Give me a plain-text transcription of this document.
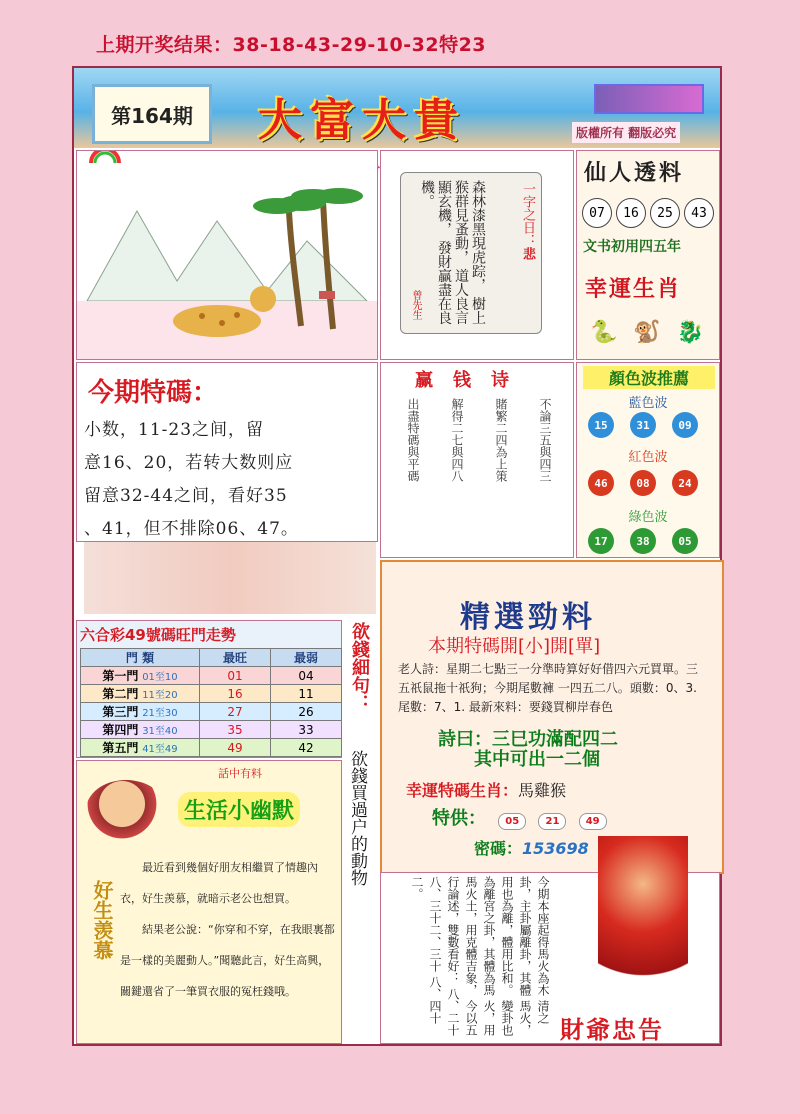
上期开奖结果：38-18-43-29-10-32特23
第164期	大富大貴	版權所有 翻版必究
森林漆黑現虎踪， 樹上猴群見蚤動， 道人良言顯玄機， 發財贏盡在良機。	一字之日：悲
曾先生
仙人透料
07	16	25	43
文书初用四五年
幸運生肖
🐍🐒🐉
今期特碼：
小数，11-23之间，留
意16、20，若转大数则应
留意32-44之间，看好35
、41，但不排除06、47。
赢钱诗
不論三五與四三
賭繁二四為上策
解得二七與四八
出盡特碼與平碼
顏色波推薦
藍色波
15	31	09
紅色波
46	08	24
綠色波
17	38	05
六合彩49號碼旺門走勢
門 類	最旺	最弱
第一門 01至10	01	04
第二門 11至20	16	11
第三門 21至30	27	26
第四門 31至40	35	33
第五門 41至49	49	42
欲錢細句：
欲錢買過户的動物
話中有料
生活小幽默
最近看到幾個好朋友相繼買了情趣內衣，好生羡慕，就暗示老公也想買。
結果老公說：“你穿和不穿，在我眼裏都是一樣的美麗動人。”聞聽此言，好生高興，關鍵還省了一筆買衣服的冤枉錢哦。
好生羡慕
精選勁料
本期特碼開[小]開[單]
老人詩：星期二七點三一分準時算好好借四六元買單。三五祇鼠拖十祇狗；今期尾數褲 一四五二八。頭數：0、3. 尾數：7、1. 最新來料：要錢買柳岸春色
詩曰：三巳功滿配四二
其中可出一二個
幸運特碼生肖：馬雞猴
特供： 05	21	49
密碼：153698
今期本座起得馬火為木 清之卦，主卦屬離卦，其體 馬火，用也為離，體用比和。 變卦也為離宮之卦，其體為馬 火，用馬火土，用克體吉象， 今以五行論述，雙數看好： 八、二十八、三十二、三十 八、四十二。
財爺忠告
